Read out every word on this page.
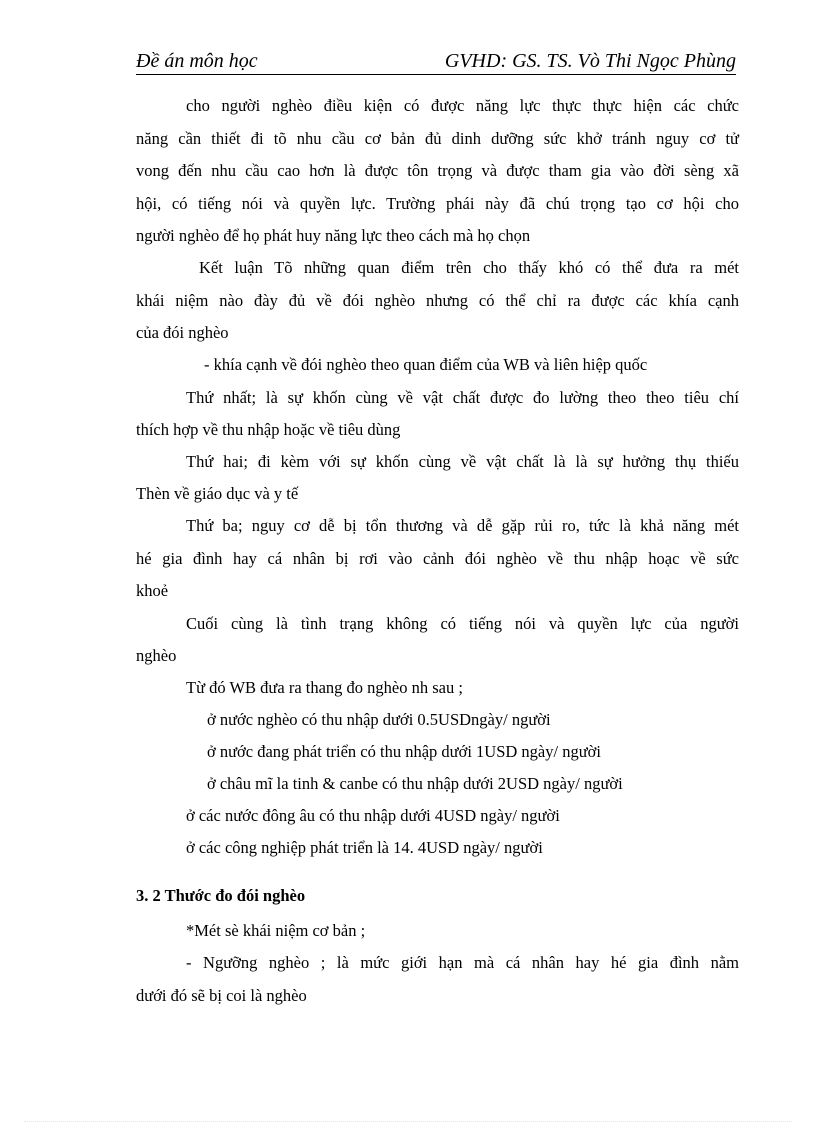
Đề án môn học	GVHD: GS. TS. Vò Thi Ngọc Phùng
cho người nghèo điều kiện có được năng lực thực thực hiện các chức
năng cần thiết đi tõ nhu cầu cơ bản đủ dinh dưỡng sức khở tránh nguy cơ tử
vong đến nhu cầu cao hơn là được tôn trọng và được tham gia vào đời sèng xã
hội, có tiếng nói và quyền lực. Trường phái này đã chú trọng tạo cơ hội cho
người nghèo để họ phát huy năng lực theo cách mà họ chọn
Kết luận Tõ những quan điểm trên cho thấy khó có thể đưa ra mét
khái niệm nào đày đủ về đói nghèo nhưng có thể chỉ ra được các khía cạnh
của đói nghèo
- khía cạnh về đói nghèo theo quan điểm của WB và liên hiệp quốc
Thứ nhất; là sự khốn cùng về vật chất được đo lường theo theo tiêu chí
thích hợp về thu nhập hoặc về tiêu dùng
Thứ hai; đi kèm với sự khốn cùng về vật chất là là sự hưởng thụ thiếu
Thèn về giáo dục và y tế
Thứ ba; nguy cơ dễ bị tổn thương và dễ gặp rủi ro, tức là khả năng mét
hé gia đình hay cá nhân bị rơi vào cảnh đói nghèo về thu nhập hoạc về sức
khoẻ
Cuối cùng là tình trạng không có tiếng nói và quyền lực của người
nghèo
Từ đó WB đưa ra thang đo nghèo nh sau ;
ở nước nghèo có thu nhập dưới 0.5USDngày/ người
ở nước đang phát triển có thu nhập dưới 1USD ngày/ người
ở châu mĩ la tinh & canbe có thu nhập dưới 2USD ngày/ người
ở các nước đông âu có thu nhập dưới 4USD ngày/ người
ở các công nghiệp phát triển là 14. 4USD ngày/ người
3. 2 Thước đo đói nghèo
*Mét sè khái niệm cơ bản ;
- Ngưỡng nghèo ; là mức giới hạn mà cá nhân hay hé gia đình nằm
dưới đó sẽ bị coi là nghèo
